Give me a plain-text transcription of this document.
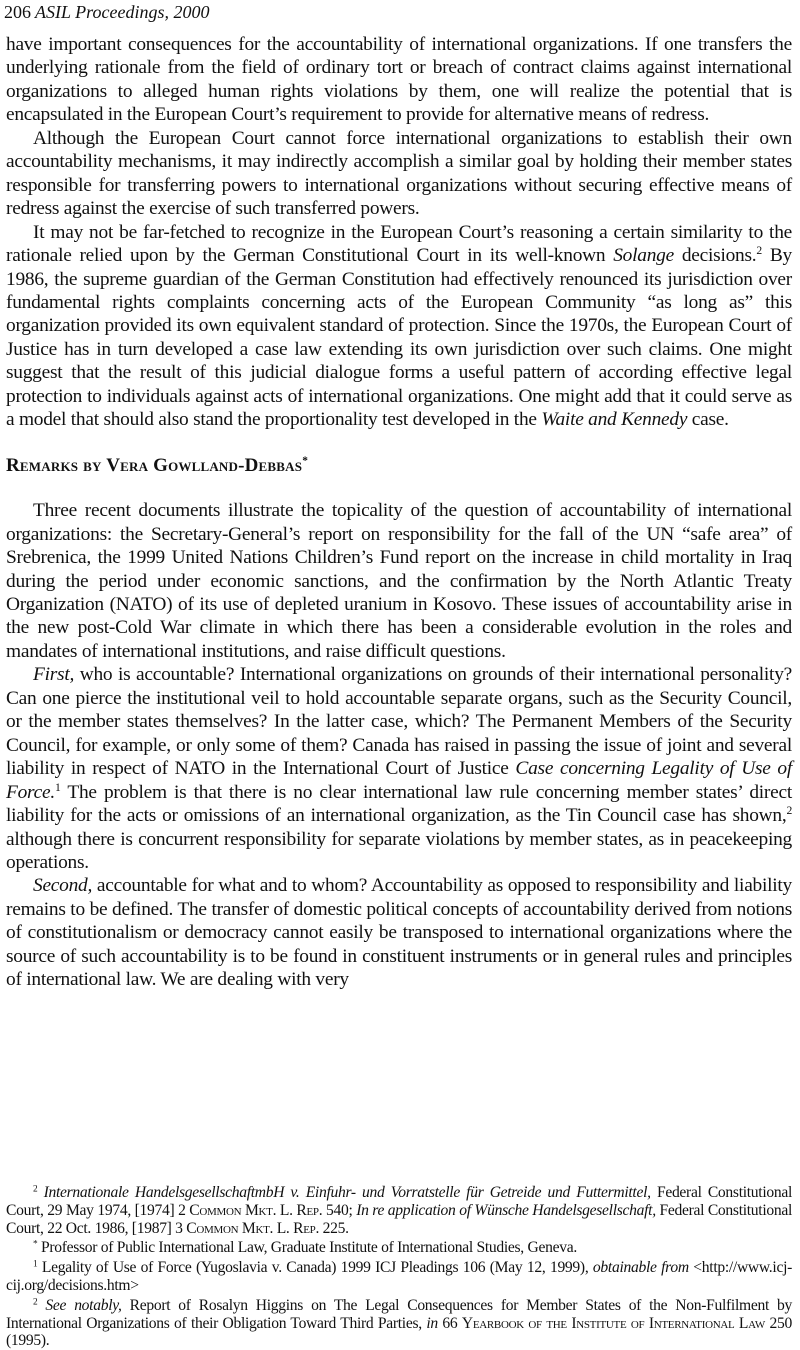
206 ASIL Proceedings, 2000

have important consequences for the accountability of international organizations. If one transfers the underlying rationale from the field of ordinary tort or breach of contract claims against international organizations to alleged human rights violations by them, one will realize the potential that is encapsulated in the European Court’s requirement to provide for alternative means of redress.

Although the European Court cannot force international organizations to establish their own accountability mechanisms, it may indirectly accomplish a similar goal by holding their member states responsible for transferring powers to international organizations without securing effective means of redress against the exercise of such transferred powers.

It may not be far-fetched to recognize in the European Court’s reasoning a certain similarity to the rationale relied upon by the German Constitutional Court in its well-known Solange decisions.$^2$ By 1986, the supreme guardian of the German Constitution had effectively renounced its jurisdiction over fundamental rights complaints concerning acts of the European Community “as long as” this organization provided its own equivalent standard of protection. Since the 1970s, the European Court of Justice has in turn developed a case law extending its own jurisdiction over such claims. One might suggest that the result of this judicial dialogue forms a useful pattern of according effective legal protection to individuals against acts of international organizations. One might add that it could serve as a model that should also stand the proportionality test developed in the Waite and Kennedy case.

Remarks by Vera Gowlland-Debbas*

Three recent documents illustrate the topicality of the question of accountability of international organizations: the Secretary-General’s report on responsibility for the fall of the UN “safe area” of Srebrenica, the 1999 United Nations Children’s Fund report on the increase in child mortality in Iraq during the period under economic sanctions, and the confirmation by the North Atlantic Treaty Organization (NATO) of its use of depleted uranium in Kosovo. These issues of accountability arise in the new post-Cold War climate in which there has been a considerable evolution in the roles and mandates of international institutions, and raise difficult questions.

First, who is accountable? International organizations on grounds of their international personality? Can one pierce the institutional veil to hold accountable separate organs, such as the Security Council, or the member states themselves? In the latter case, which? The Permanent Members of the Security Council, for example, or only some of them? Canada has raised in passing the issue of joint and several liability in respect of NATO in the International Court of Justice Case concerning Legality of Use of Force.$^1$ The problem is that there is no clear international law rule concerning member states’ direct liability for the acts or omissions of an international organization, as the Tin Council case has shown,$^2$ although there is concurrent responsibility for separate violations by member states, as in peacekeeping operations.

Second, accountable for what and to whom? Accountability as opposed to responsibility and liability remains to be defined. The transfer of domestic political concepts of accountability derived from notions of constitutionalism or democracy cannot easily be transposed to international organizations where the source of such accountability is to be found in constituent instruments or in general rules and principles of international law. We are dealing with very

$^2$ Internationale HandelsgesellschaftmbH v. Einfuhr- und Vorratstelle für Getreide und Futtermittel, Federal Constitutional Court, 29 May 1974, [1974] 2 Common Mkt. L. Rep. 540; In re application of Wünsche Handelsgesellschaft, Federal Constitutional Court, 22 Oct. 1986, [1987] 3 Common Mkt. L. Rep. 225.

* Professor of Public International Law, Graduate Institute of International Studies, Geneva.

$^1$ Legality of Use of Force (Yugoslavia v. Canada) 1999 ICJ Pleadings 106 (May 12, 1999), obtainable from <http://www.icj-cij.org/decisions.htm>

$^2$ See notably, Report of Rosalyn Higgins on The Legal Consequences for Member States of the Non-Fulfilment by International Organizations of their Obligation Toward Third Parties, in 66 Yearbook of the Institute of International Law 250 (1995).
